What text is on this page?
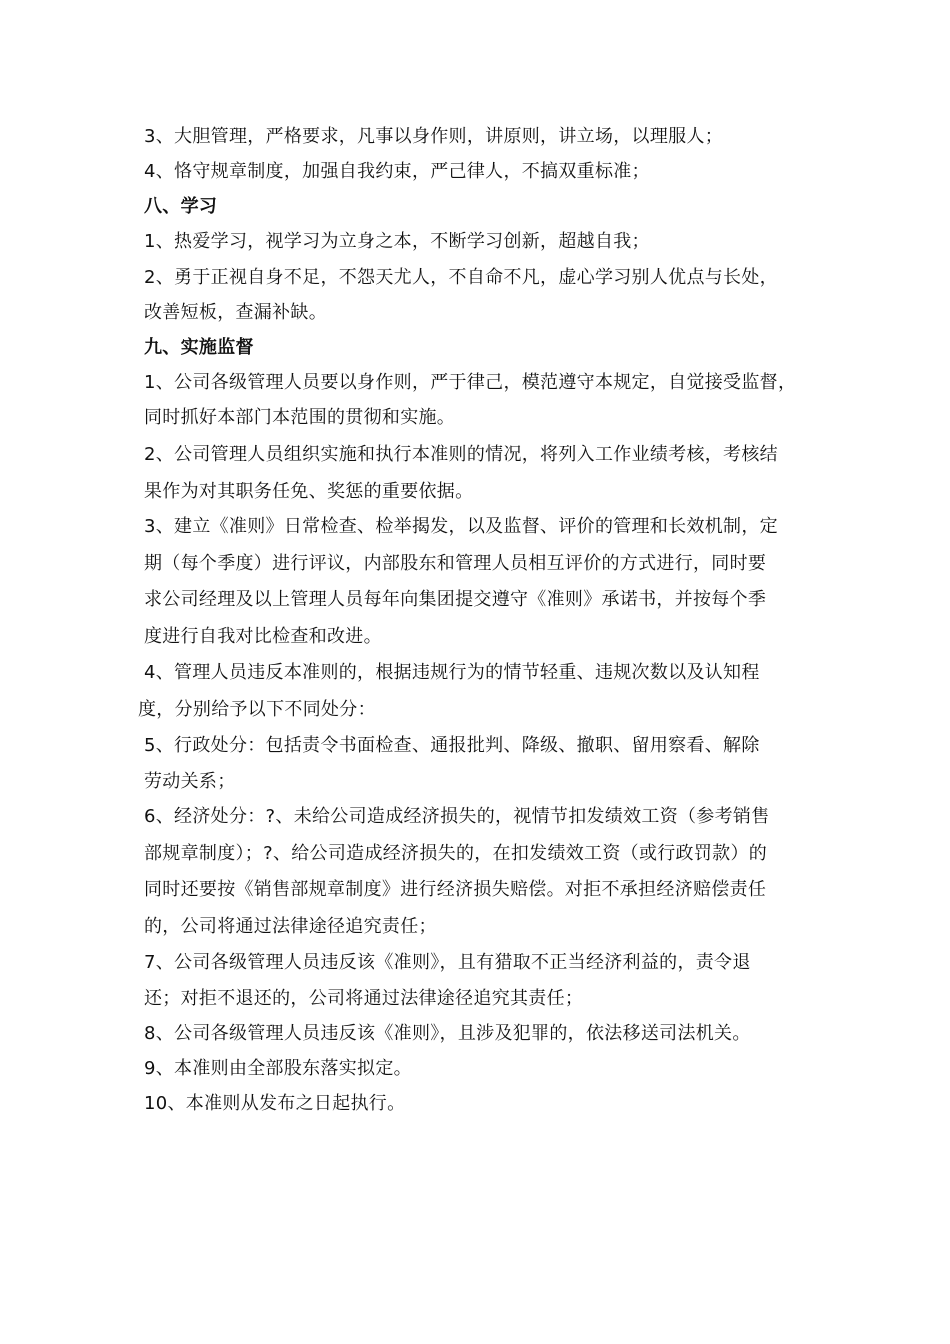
3、大胆管理，严格要求，凡事以身作则，讲原则，讲立场，以理服人；
4、恪守规章制度，加强自我约束，严己律人，不搞双重标准；
八、学习
1、热爱学习，视学习为立身之本，不断学习创新，超越自我；
2、勇于正视自身不足，不怨天尤人，不自命不凡，虚心学习别人优点与长处，
改善短板，查漏补缺。
九、实施监督
1、公司各级管理人员要以身作则，严于律己，模范遵守本规定，自觉接受监督，
同时抓好本部门本范围的贯彻和实施。
2、公司管理人员组织实施和执行本准则的情况，将列入工作业绩考核，考核结
果作为对其职务任免、奖惩的重要依据。
3、建立《准则》日常检查、检举揭发，以及监督、评价的管理和长效机制，定
期（每个季度）进行评议，内部股东和管理人员相互评价的方式进行，同时要
求公司经理及以上管理人员每年向集团提交遵守《准则》承诺书，并按每个季
度进行自我对比检查和改进。
4、管理人员违反本准则的，根据违规行为的情节轻重、违规次数以及认知程
度，分别给予以下不同处分：
5、行政处分：包括责令书面检查、通报批判、降级、撤职、留用察看、解除
劳动关系；
6、经济处分：?、未给公司造成经济损失的，视情节扣发绩效工资（参考销售
部规章制度）；?、给公司造成经济损失的，在扣发绩效工资（或行政罚款）的
同时还要按《销售部规章制度》进行经济损失赔偿。对拒不承担经济赔偿责任
的，公司将通过法律途径追究责任；
7、公司各级管理人员违反该《准则》，且有猎取不正当经济利益的，责令退
还；对拒不退还的，公司将通过法律途径追究其责任；
8、公司各级管理人员违反该《准则》，且涉及犯罪的，依法移送司法机关。
9、本准则由全部股东落实拟定。
10、本准则从发布之日起执行。
